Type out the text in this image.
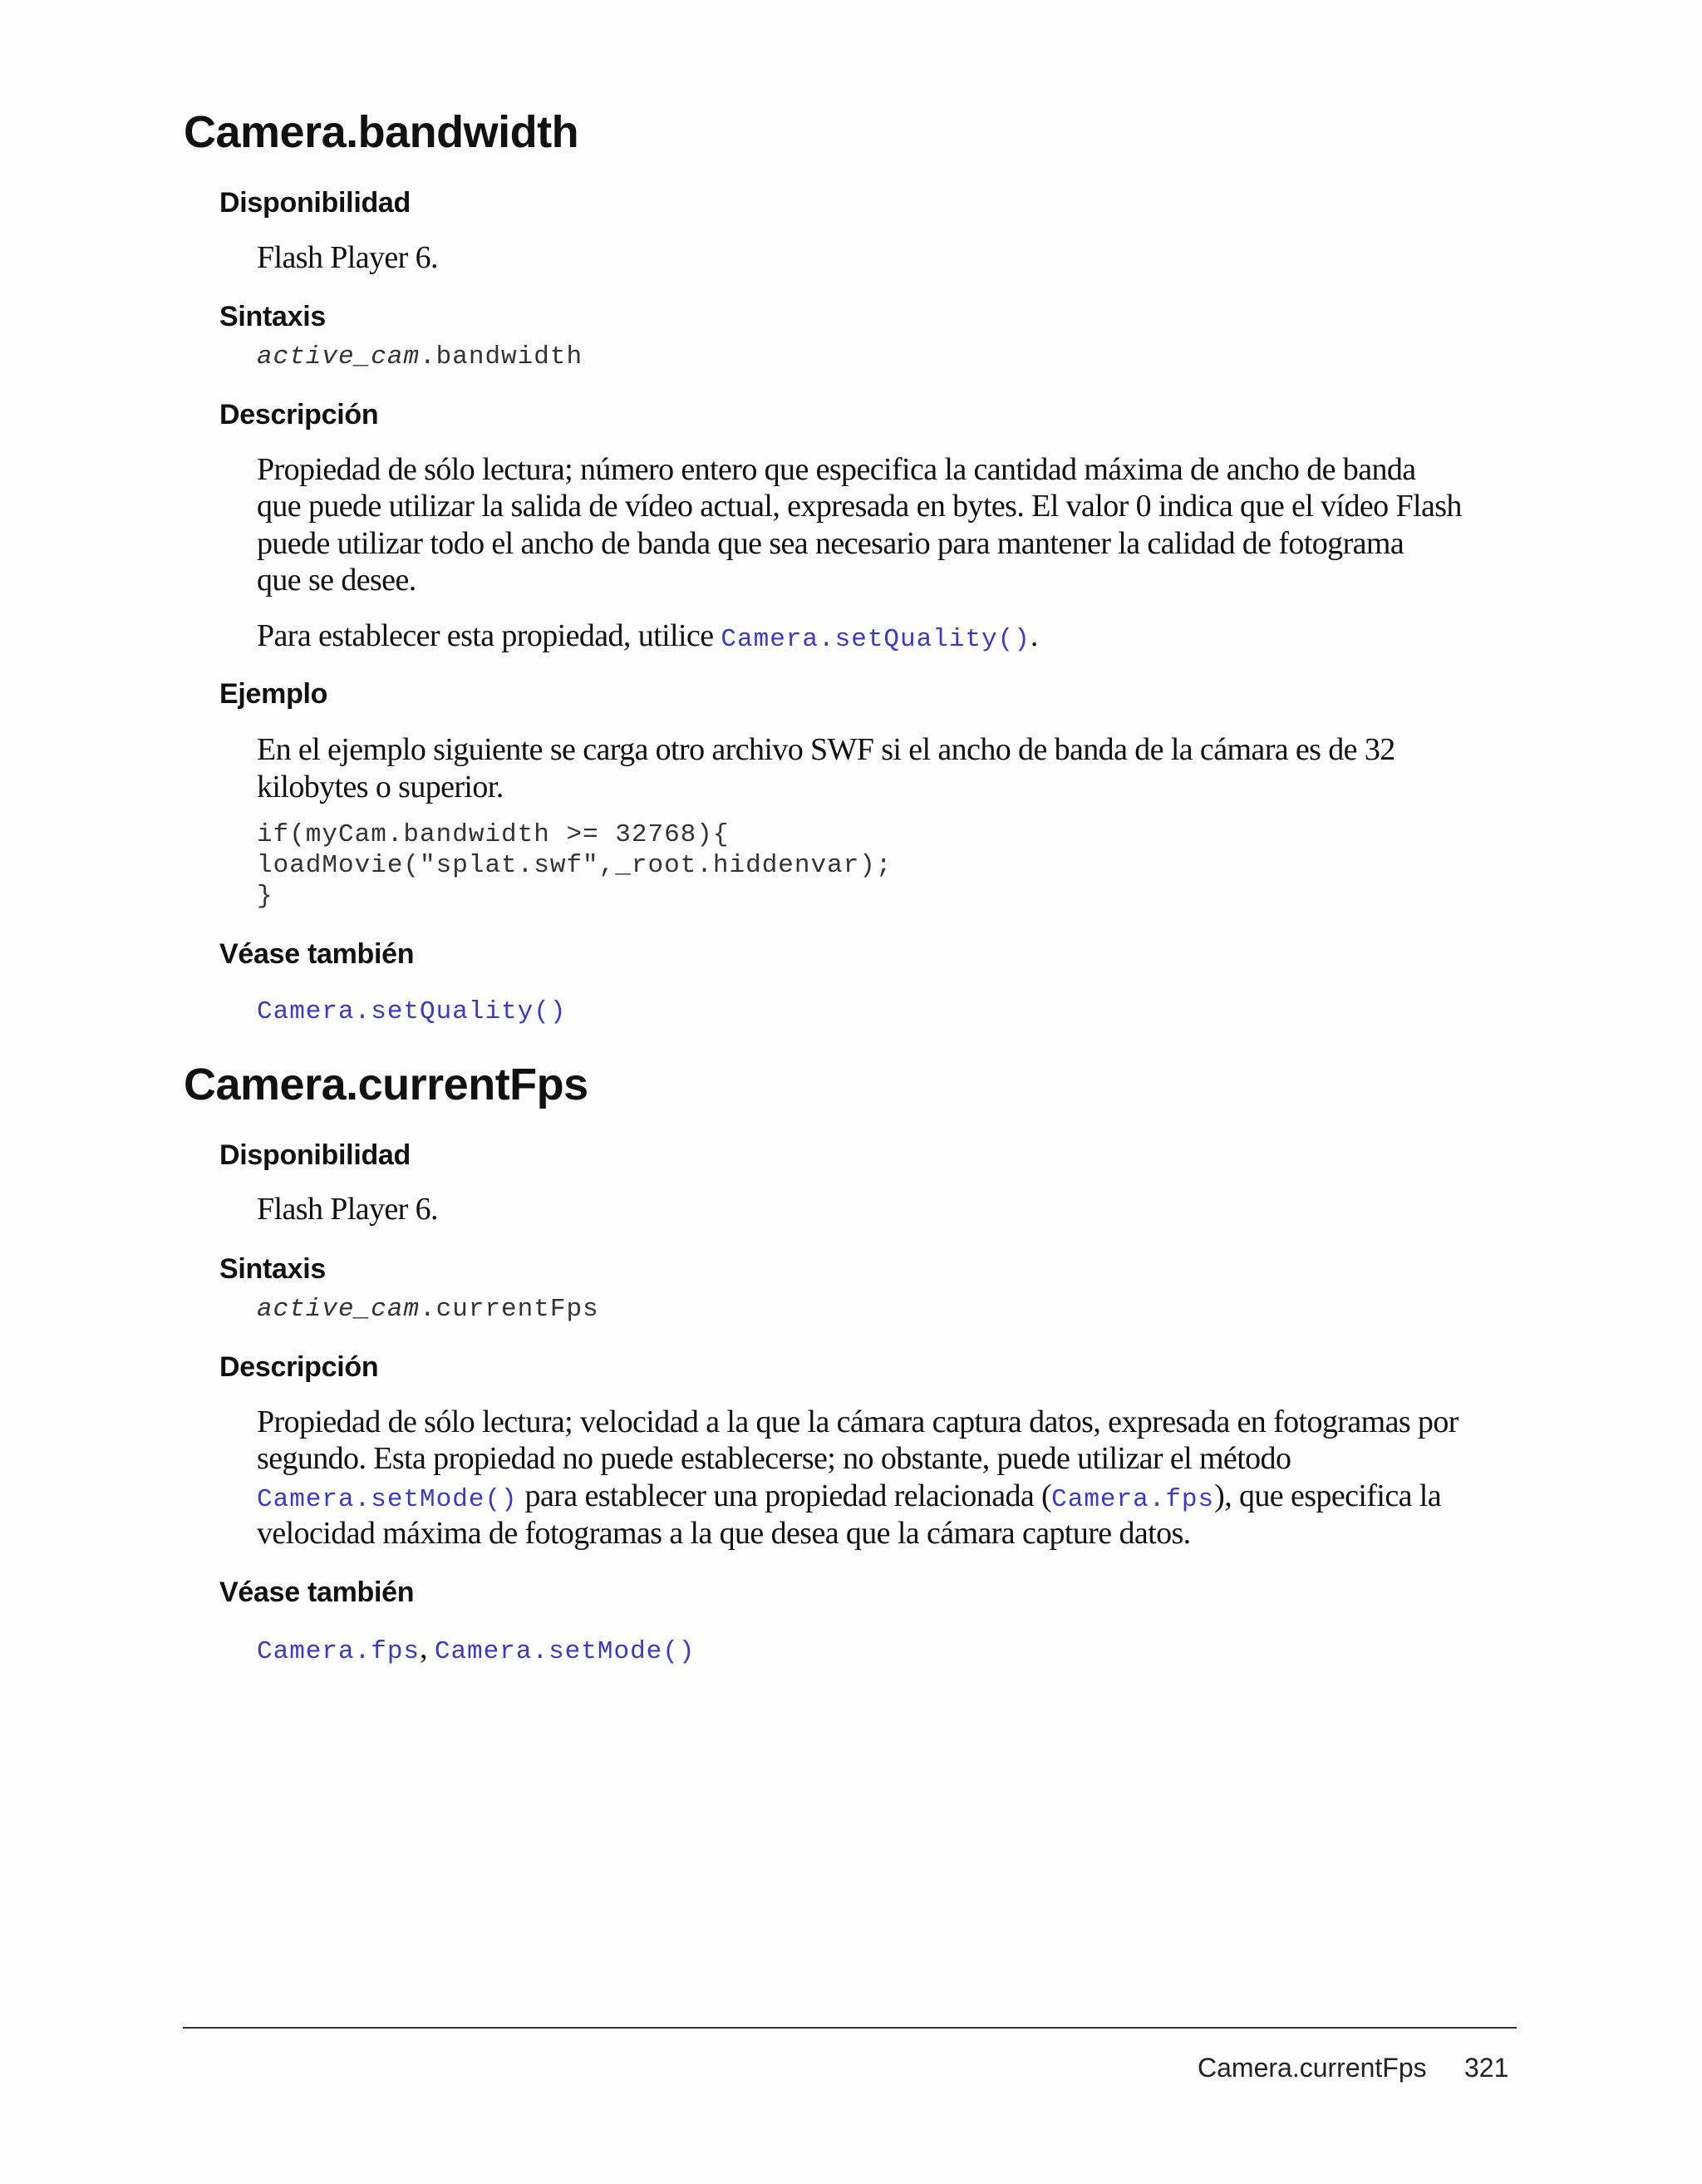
Camera.bandwidth
Disponibilidad
Flash Player 6.
Sintaxis
active_cam.bandwidth
Descripción
Propiedad de sólo lectura; número entero que especifica la cantidad máxima de ancho de banda
que puede utilizar la salida de vídeo actual, expresada en bytes. El valor 0 indica que el vídeo Flash
puede utilizar todo el ancho de banda que sea necesario para mantener la calidad de fotograma
que se desee.
Para establecer esta propiedad, utilice Camera.setQuality().
Ejemplo
En el ejemplo siguiente se carga otro archivo SWF si el ancho de banda de la cámara es de 32
kilobytes o superior.
if(myCam.bandwidth >= 32768){
loadMovie("splat.swf",_root.hiddenvar);
}
Véase también
Camera.setQuality()
Camera.currentFps
Disponibilidad
Flash Player 6.
Sintaxis
active_cam.currentFps
Descripción
Propiedad de sólo lectura; velocidad a la que la cámara captura datos, expresada en fotogramas por
segundo. Esta propiedad no puede establecerse; no obstante, puede utilizar el método
Camera.setMode() para establecer una propiedad relacionada (Camera.fps), que especifica la
velocidad máxima de fotogramas a la que desea que la cámara capture datos.
Véase también
Camera.fps, Camera.setMode()
Camera.currentFps 321
